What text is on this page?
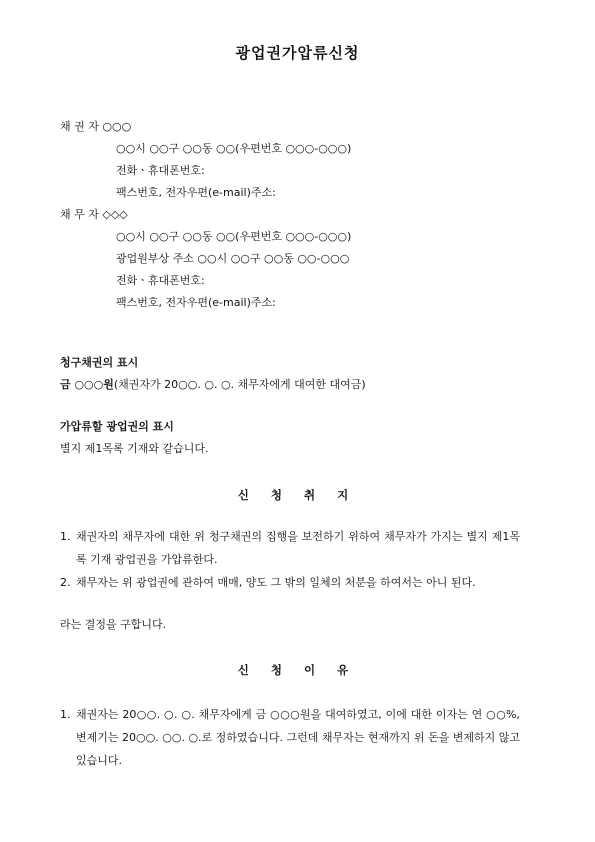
광업권가압류신청
채 권 자 ○○○
○○시 ○○구 ○○동 ○○(우편번호 ○○○-○○○)
전화ㆍ휴대폰번호:
팩스번호, 전자우편(e-mail)주소:
채 무 자 ◇◇◇
○○시 ○○구 ○○동 ○○(우편번호 ○○○-○○○)
광업원부상 주소 ○○시 ○○구 ○○동 ○○-○○○
전화ㆍ휴대폰번호:
팩스번호, 전자우편(e-mail)주소:
청구채권의 표시
금 ○○○원(채권자가 20○○. ○. ○. 채무자에게 대여한 대여금)
가압류할 광업권의 표시
별지 제1목록 기재와 같습니다.
신 청 취 지
1. 채권자의 채무자에 대한 위 청구채권의 집행을 보전하기 위하여 채무자가 가지는 별지 제1목록 기재 광업권을 가압류한다.
2. 채무자는 위 광업권에 관하여 매매, 양도 그 밖의 일체의 처분을 하여서는 아니 된다.
라는 결정을 구합니다.
신 청 이 유
1. 채권자는 20○○. ○. ○. 채무자에게 금 ○○○원을 대여하였고, 이에 대한 이자는 연 ○○%, 변제기는 20○○. ○○. ○.로 정하였습니다. 그런데 채무자는 현재까지 위 돈을 변제하지 않고 있습니다.
